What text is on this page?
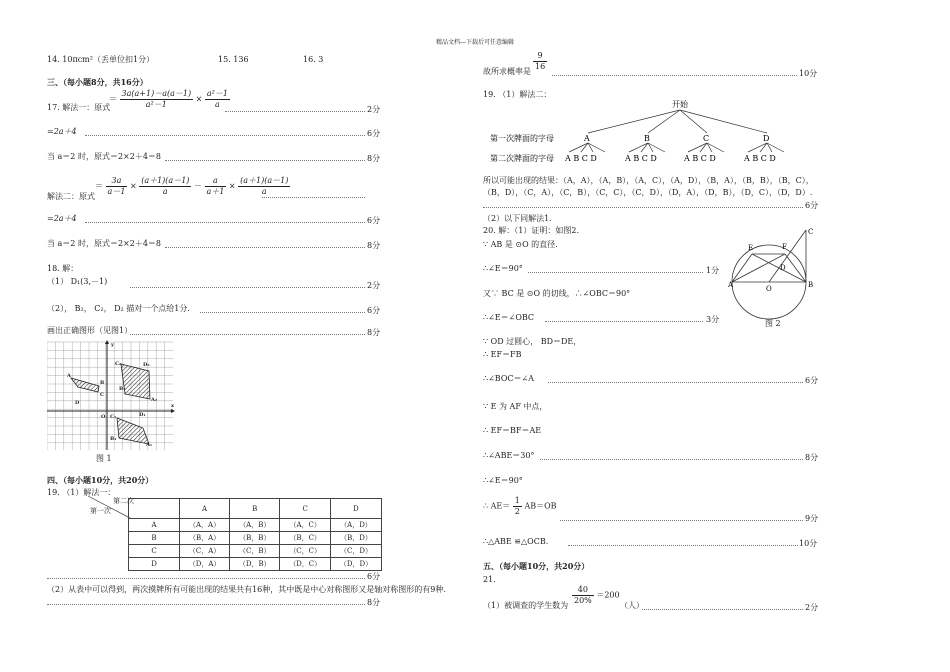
精品文档---下载后可任意编辑
14. 10πcm²（丢单位扣1分）	15. 136	16. 3
三、（每小题8分，共16分）
17. 解法一：原式
＝ $\frac{3a(a+1)-a(a-1)}{\text{a²－1}} \times \frac{\text{a²－1}}{a}$
2分
=2a＋4	6分
当 a＝2 时，原式＝2×2＋4＝8	8分
解法二：原式
＝ $\frac{3a}{a-1} \times \frac{(a+1)(a-1)}{a} - \frac{a}{a+1} \times \frac{(a+1)(a-1)}{a}$
=2a＋4	6分
当 a＝2 时，原式＝2×2＋4＝8	8分
18. 解：
（1） D₁(3,－1)	2分
（2）， B₂， C₂， D₂ 描对一个点给1分.	6分
画出正确图形（见图1）	8分
A
B
C
D
O C₁	D₁
A₁
B₁
A₂
B₂
C₂	D₂
x
y
图 1
四、（每小题10分，共20分）
19. （1）解法一：
第二次
第一次
		A	B	C	D
A	（A，A）	（A，B）	（A，C）	（A，D）
B	（B，A）	（B，B）	（B，C）	（B，D）
C	（C，A）	（C，B）	（C，C）	（C，D）
D	（D，A）	（D，B）	（D，C）	（D，D）
6分
（2）从表中可以得到，两次摸牌所有可能出现的结果共有16种，其中既是中心对称图形又是轴对称图形的有9种.
8分
故所求概率是
$\frac{9}{16}$
10分
19. （1）解法二：
开始
第一次牌面的字母	A	B	C	D
第二次牌面的字母 A B C D	A B C D	A B C D	A B C D
所以可能出现的结果：（A，A），（A，B），（A，C），（A，D），（B，A），（B，B），（B，C），
（B，D），（C，A），（C，B），（C，C），（C，D），（D，A），（D，B），（D，C），（D，D）.
6分
（2）以下同解法1.
20. 解：（1）证明：如图2.
∵ AB 是 ⊙O 的直径.
∴∠E＝90°	1分
又∵ BC 是 ⊙O 的切线，∴∠OBC＝90°
∴∠E＝∠OBC	3分
C
F
E
D
A	O	B
图 2
∵ OD 过圆心， BD＝DE，
∴ EF＝FB
∴∠BOC＝∠A	6分
∵ E 为 AF 中点，
∴ EF＝BF＝AE
∴∠ABE＝30°	8分
∴∠E＝90°
∴ $AE= \frac{1}{2} AB=OB$
9分
∴△ABE ≌△OCB.	10分
五、（每小题10分，共20分）
21.
（1）被调查的学生数为
$\frac{40}{20\%} =200$
（人）	2分
